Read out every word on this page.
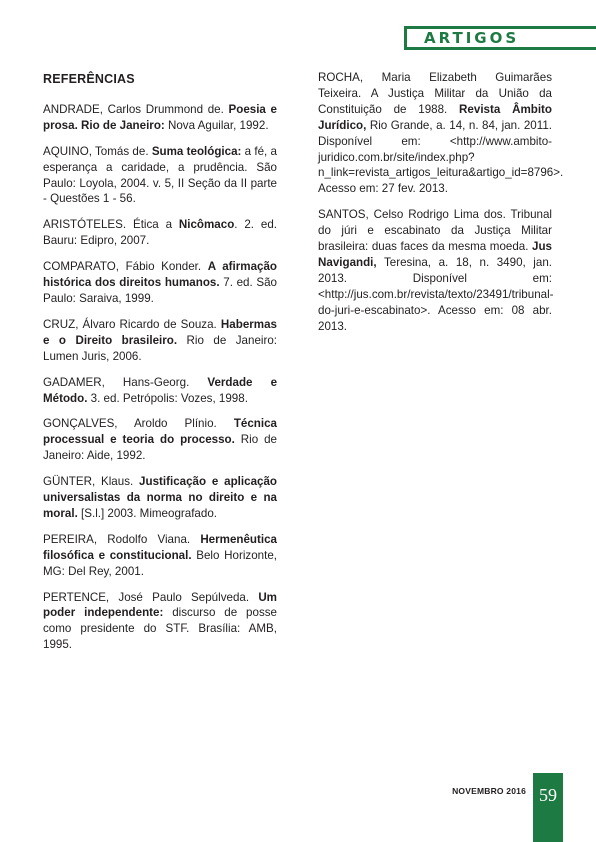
ARTIGOS
REFERÊNCIAS

ANDRADE, Carlos Drummond de. Poesia e prosa. Rio de Janeiro: Nova Aguilar, 1992.

AQUINO, Tomás de. Suma teológica: a fé, a esperança a caridade, a prudência. São Paulo: Loyola, 2004. v. 5, II Seção da II parte - Questões 1 - 56.

ARISTÓTELES. Ética a Nicômaco. 2. ed. Bauru: Edipro, 2007.

COMPARATO, Fábio Konder. A afirmação histórica dos direitos humanos. 7. ed. São Paulo: Saraiva, 1999.

CRUZ, Álvaro Ricardo de Souza. Habermas e o Direito brasileiro. Rio de Janeiro: Lumen Juris, 2006.

GADAMER, Hans-Georg. Verdade e Método. 3. ed. Petrópolis: Vozes, 1998.

GONÇALVES, Aroldo Plínio. Técnica processual e teoria do processo. Rio de Janeiro: Aide, 1992.

GÜNTER, Klaus. Justificação e aplicação universalistas da norma no direito e na moral. [S.l.] 2003. Mimeografado.

PEREIRA, Rodolfo Viana. Hermenêutica filosófica e constitucional. Belo Horizonte, MG: Del Rey, 2001.

PERTENCE, José Paulo Sepúlveda. Um poder independente: discurso de posse como presidente do STF. Brasília: AMB, 1995.

ROCHA, Maria Elizabeth Guimarães Teixeira. A Justiça Militar da União da Constituição de 1988. Revista Âmbito Jurídico, Rio Grande, a. 14, n. 84, jan. 2011. Disponível em: <http://www.ambito-juridico.com.br/site/index.php?n_link=revista_artigos_leitura&artigo_id=8796>. Acesso em: 27 fev. 2013.

SANTOS, Celso Rodrigo Lima dos. Tribunal do júri e escabinato da Justiça Militar brasileira: duas faces da mesma moeda. Jus Navigandi, Teresina, a. 18, n. 3490, jan. 2013. Disponível em: <http://jus.com.br/revista/texto/23491/tribunal-do-juri-e-escabinato>. Acesso em: 08 abr. 2013.

NOVEMBRO 2016 59
